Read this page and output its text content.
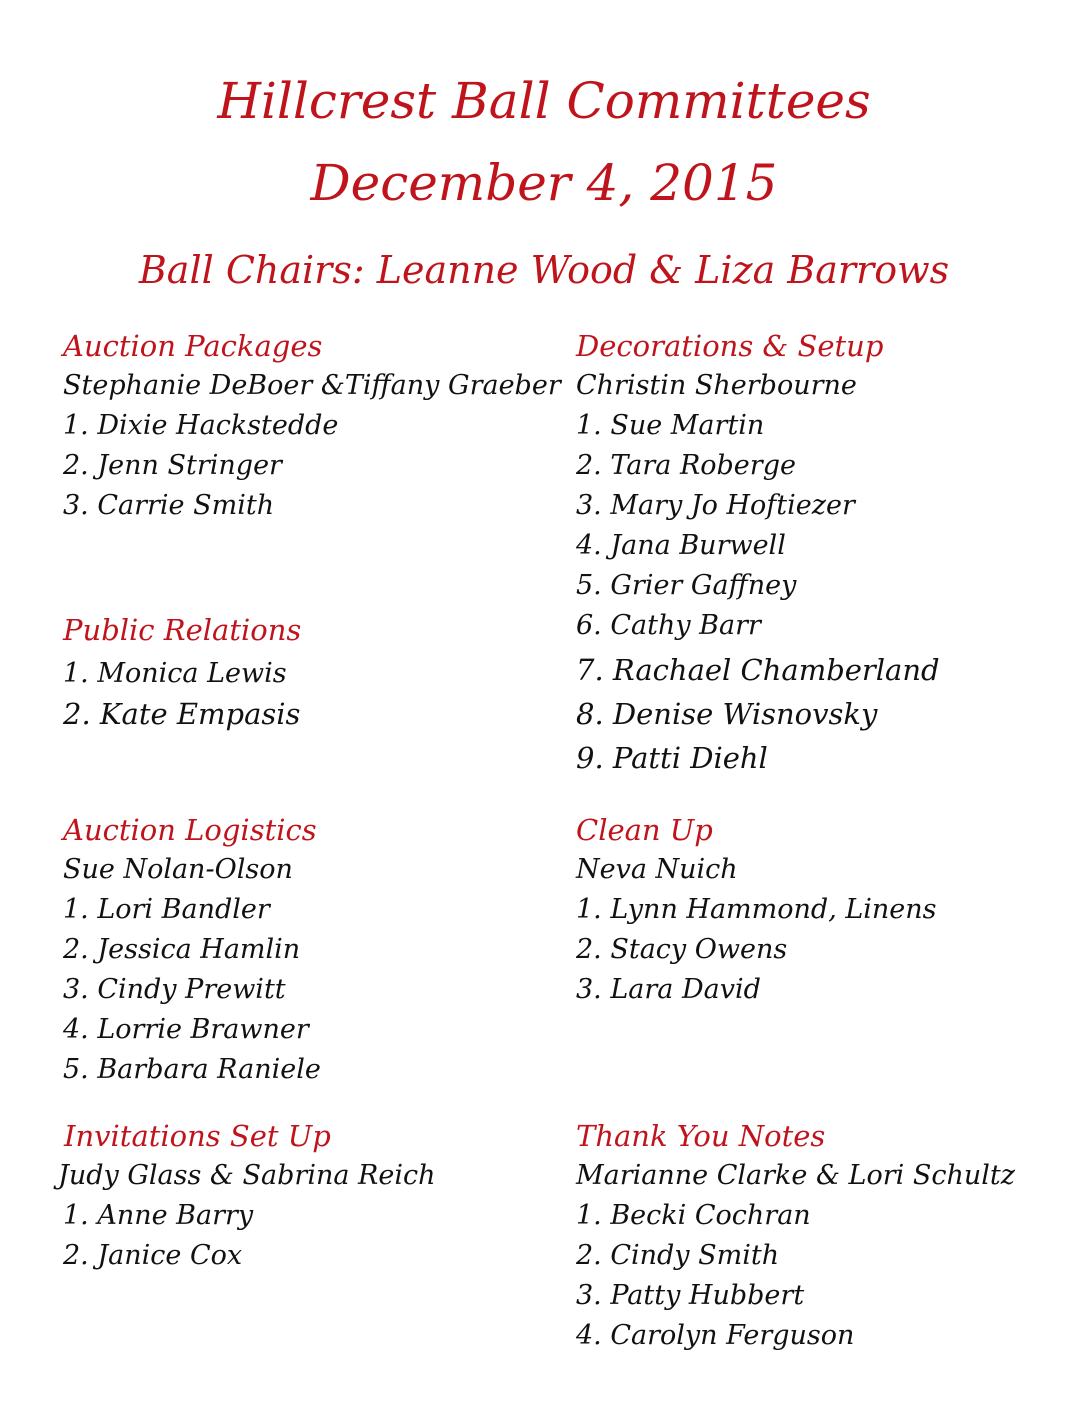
Hillcrest Ball Committees
December 4, 2015
Ball Chairs: Leanne Wood & Liza Barrows
Auction Packages
Stephanie DeBoer &Tiffany Graeber
1. Dixie Hackstedde
2. Jenn Stringer
3. Carrie Smith
Public Relations
1. Monica Lewis
2. Kate Empasis
Auction Logistics
Sue Nolan-Olson
1. Lori Bandler
2. Jessica Hamlin
3. Cindy Prewitt
4. Lorrie Brawner
5. Barbara Raniele
Invitations Set Up
Judy Glass & Sabrina Reich
1. Anne Barry
2. Janice Cox
Decorations & Setup
Christin Sherbourne
1. Sue Martin
2. Tara Roberge
3. Mary Jo Hoftiezer
4. Jana Burwell
5. Grier Gaffney
6. Cathy Barr
7. Rachael Chamberland
8. Denise Wisnovsky
9. Patti Diehl
Clean Up
Neva Nuich
1. Lynn Hammond, Linens
2. Stacy Owens
3. Lara David
Thank You Notes
Marianne Clarke & Lori Schultz
1. Becki Cochran
2. Cindy Smith
3. Patty Hubbert
4. Carolyn Ferguson
